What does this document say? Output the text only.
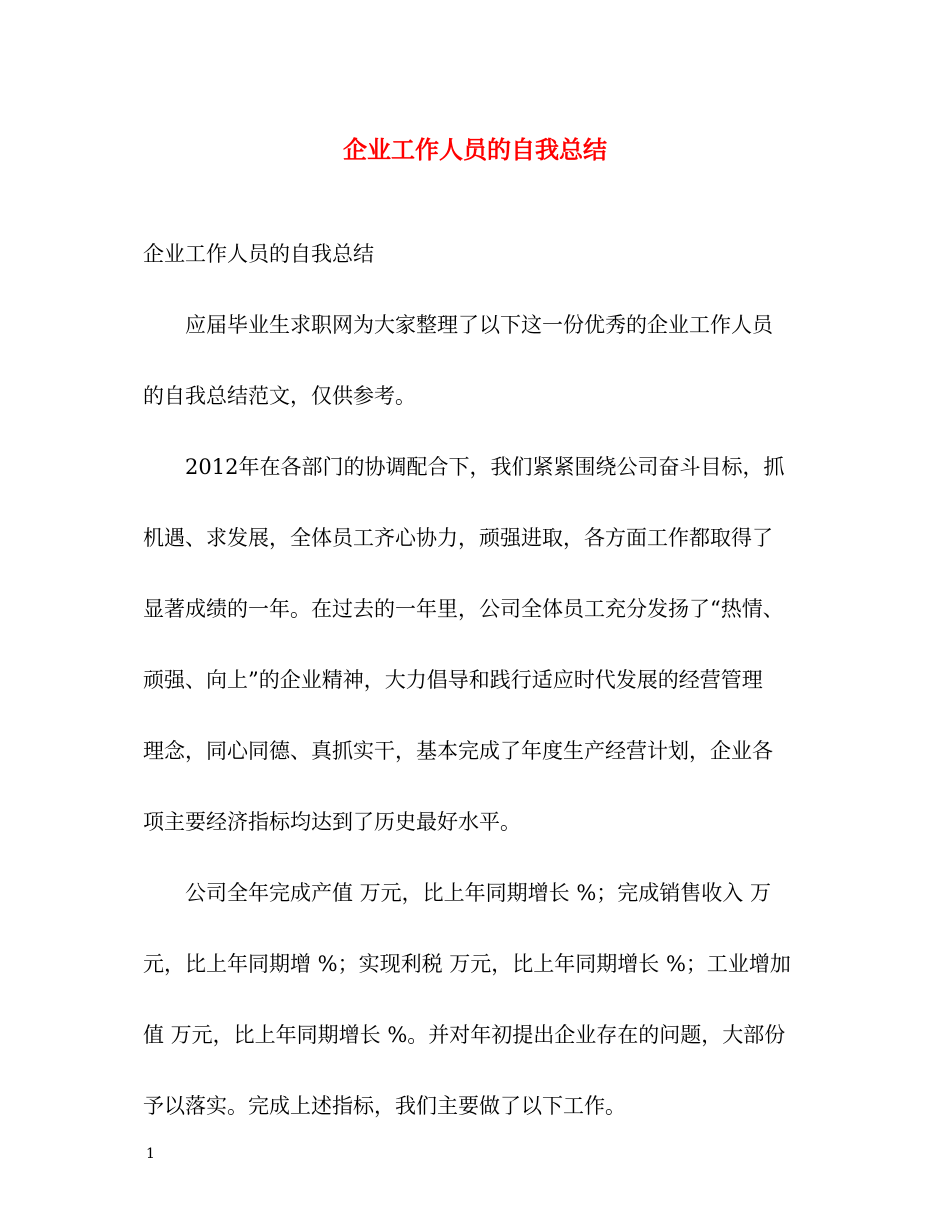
企业工作人员的自我总结
企业工作人员的自我总结
应届毕业生求职网为大家整理了以下这一份优秀的企业工作人员
的自我总结范文，仅供参考。
2012年在各部门的协调配合下，我们紧紧围绕公司奋斗目标，抓
机遇、求发展，全体员工齐心协力，顽强进取，各方面工作都取得了
显著成绩的一年。在过去的一年里，公司全体员工充分发扬了“热情、
顽强、向上”的企业精神，大力倡导和践行适应时代发展的经营管理
理念，同心同德、真抓实干，基本完成了年度生产经营计划，企业各
项主要经济指标均达到了历史最好水平。
公司全年完成产值 万元，比上年同期增长 %；完成销售收入 万
元，比上年同期增 %；实现利税 万元，比上年同期增长 %；工业增加
值 万元，比上年同期增长 %。并对年初提出企业存在的问题，大部份
予以落实。完成上述指标，我们主要做了以下工作。
1
